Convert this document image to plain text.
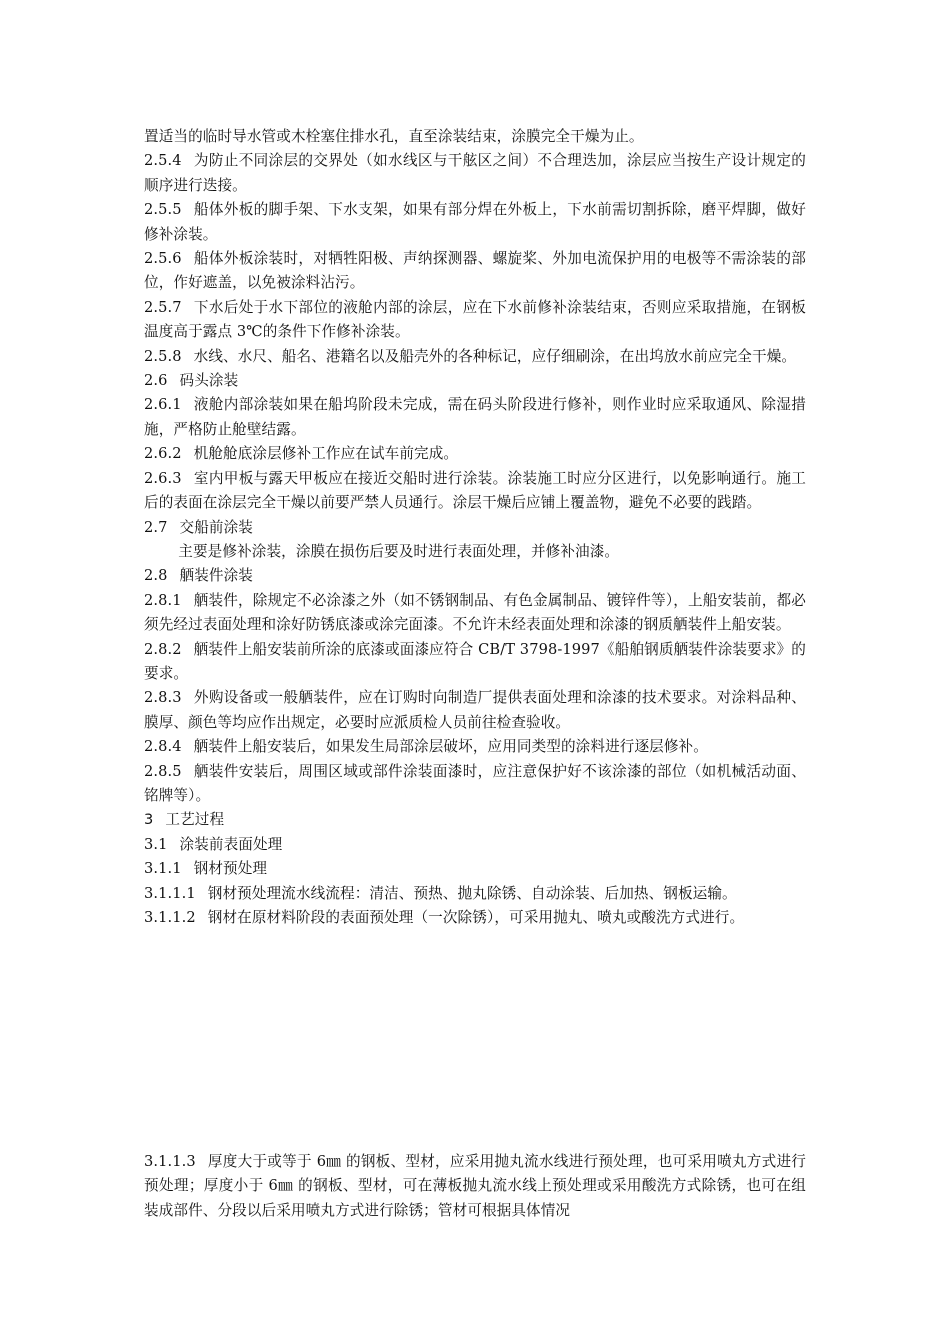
置适当的临时导水管或木栓塞住排水孔，直至涂装结束，涂膜完全干燥为止。

2.5.4 为防止不同涂层的交界处（如水线区与干舷区之间）不合理迭加，涂层应当按生产设计规定的顺序进行迭接。

2.5.5 船体外板的脚手架、下水支架，如果有部分焊在外板上，下水前需切割拆除，磨平焊脚，做好修补涂装。

2.5.6 船体外板涂装时，对牺牲阳极、声纳探测器、螺旋桨、外加电流保护用的电极等不需涂装的部位，作好遮盖，以免被涂料沾污。

2.5.7 下水后处于水下部位的液舱内部的涂层，应在下水前修补涂装结束，否则应采取措施，在钢板温度高于露点 3℃的条件下作修补涂装。

2.5.8 水线、水尺、船名、港籍名以及船壳外的各种标记，应仔细刷涂，在出坞放水前应完全干燥。

2.6 码头涂装

2.6.1 液舱内部涂装如果在船坞阶段未完成，需在码头阶段进行修补，则作业时应采取通风、除湿措施，严格防止舱壁结露。

2.6.2 机舱舱底涂层修补工作应在试车前完成。

2.6.3 室内甲板与露天甲板应在接近交船时进行涂装。涂装施工时应分区进行，以免影响通行。施工后的表面在涂层完全干燥以前要严禁人员通行。涂层干燥后应铺上覆盖物，避免不必要的践踏。

2.7 交船前涂装

主要是修补涂装，涂膜在损伤后要及时进行表面处理，并修补油漆。

2.8 舾装件涂装

2.8.1 舾装件，除规定不必涂漆之外（如不锈钢制品、有色金属制品、镀锌件等），上船安装前，都必须先经过表面处理和涂好防锈底漆或涂完面漆。不允许未经表面处理和涂漆的钢质舾装件上船安装。

2.8.2 舾装件上船安装前所涂的底漆或面漆应符合 CB/T 3798-1997《船舶钢质舾装件涂装要求》的要求。

2.8.3 外购设备或一般舾装件，应在订购时向制造厂提供表面处理和涂漆的技术要求。对涂料品种、膜厚、颜色等均应作出规定，必要时应派质检人员前往检查验收。

2.8.4 舾装件上船安装后，如果发生局部涂层破坏，应用同类型的涂料进行逐层修补。

2.8.5 舾装件安装后，周围区域或部件涂装面漆时，应注意保护好不该涂漆的部位（如机械活动面、铭牌等）。

3 工艺过程

3.1 涂装前表面处理

3.1.1 钢材预处理

3.1.1.1 钢材预处理流水线流程：清洁、预热、抛丸除锈、自动涂装、后加热、钢板运输。

3.1.1.2 钢材在原材料阶段的表面预处理（一次除锈），可采用抛丸、喷丸或酸洗方式进行。

3.1.1.3 厚度大于或等于 6㎜ 的钢板、型材，应采用抛丸流水线进行预处理，也可采用喷丸方式进行预处理；厚度小于 6㎜ 的钢板、型材，可在薄板抛丸流水线上预处理或采用酸洗方式除锈，也可在组装成部件、分段以后采用喷丸方式进行除锈；管材可根据具体情况
